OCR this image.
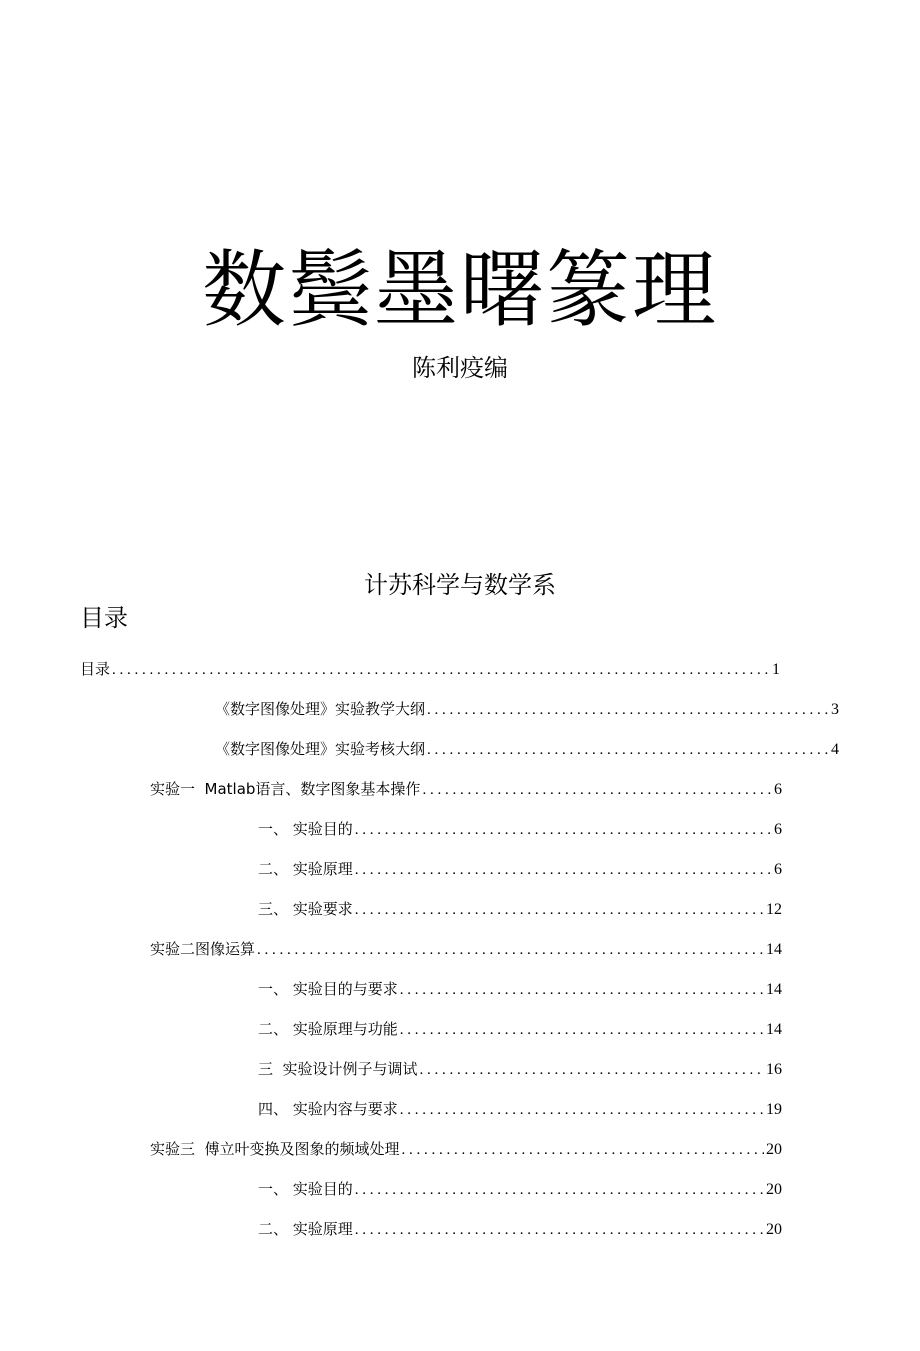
数鬓墨曙篆理
陈利疫编
计苏科学与数学系
目录
目录 . . .	1
《数字图像处理》实验教学大纲 . . .	3
《数字图像处理》实验考核大纲 . . .	4
实验一  Matlab语言、数字图象基本操作 . . .	6
一、 实验目的 . . .	6
二、 实验原理 . . .	6
三、 实验要求 . . .	12
实验二图像运算 . . .	14
一、 实验目的与要求 . . .	14
二、 实验原理与功能 . . .	14
三  实验设计例子与调试 . . .	16
四、 实验内容与要求 . . .	19
实验三  傅立叶变换及图象的频域处理 . . .	20
一、 实验目的 . . .	20
二、 实验原理 . . .	20
